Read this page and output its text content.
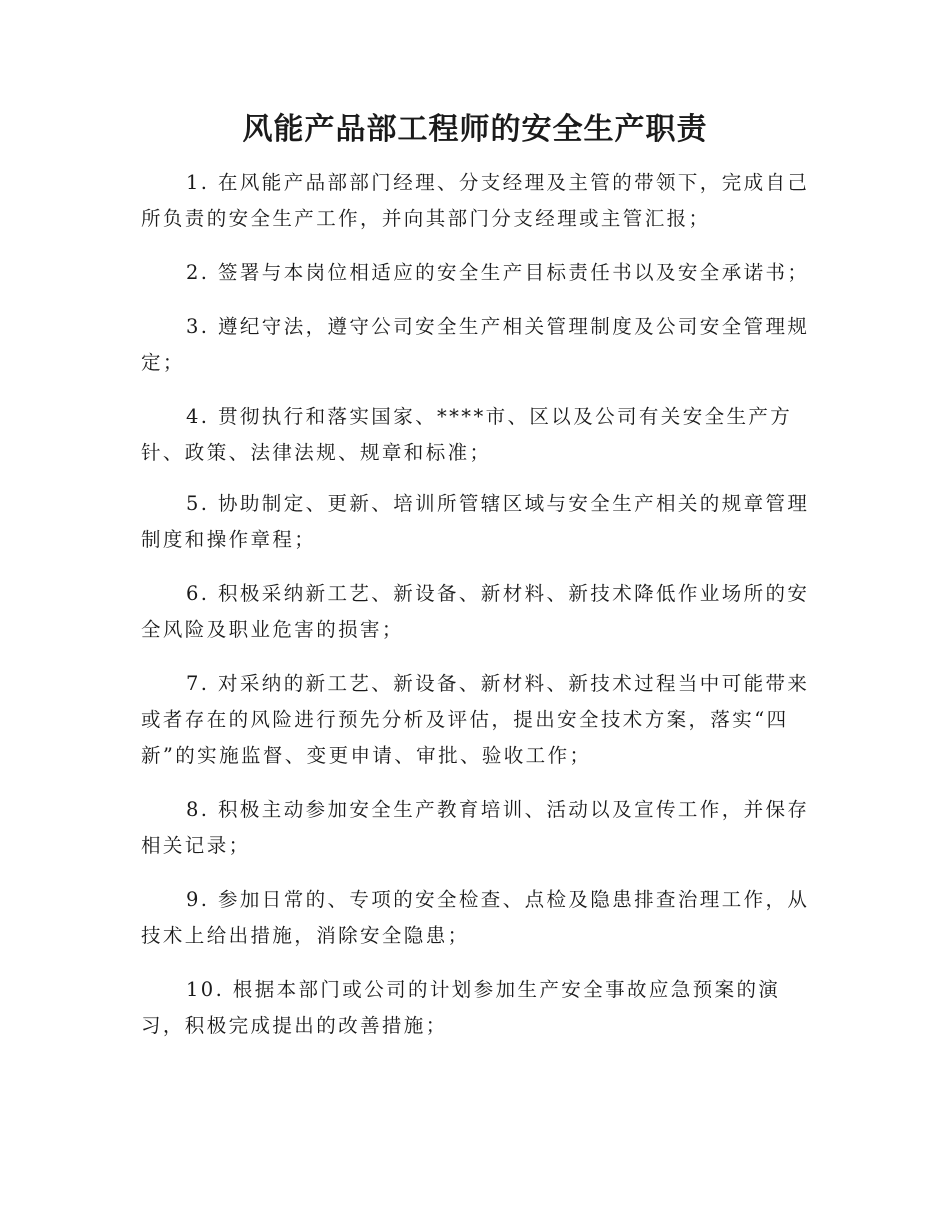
风能产品部工程师的安全生产职责
1. 在风能产品部部门经理、分支经理及主管的带领下，完成自己
所负责的安全生产工作，并向其部门分支经理或主管汇报；
2. 签署与本岗位相适应的安全生产目标责任书以及安全承诺书；
3. 遵纪守法，遵守公司安全生产相关管理制度及公司安全管理规
定；
4. 贯彻执行和落实国家、****市、区以及公司有关安全生产方
针、政策、法律法规、规章和标准；
5. 协助制定、更新、培训所管辖区域与安全生产相关的规章管理
制度和操作章程；
6. 积极采纳新工艺、新设备、新材料、新技术降低作业场所的安
全风险及职业危害的损害；
7. 对采纳的新工艺、新设备、新材料、新技术过程当中可能带来
或者存在的风险进行预先分析及评估，提出安全技术方案，落实“四
新”的实施监督、变更申请、审批、验收工作；
8. 积极主动参加安全生产教育培训、活动以及宣传工作，并保存
相关记录；
9. 参加日常的、专项的安全检查、点检及隐患排查治理工作，从
技术上给出措施，消除安全隐患；
10. 根据本部门或公司的计划参加生产安全事故应急预案的演
习，积极完成提出的改善措施；
